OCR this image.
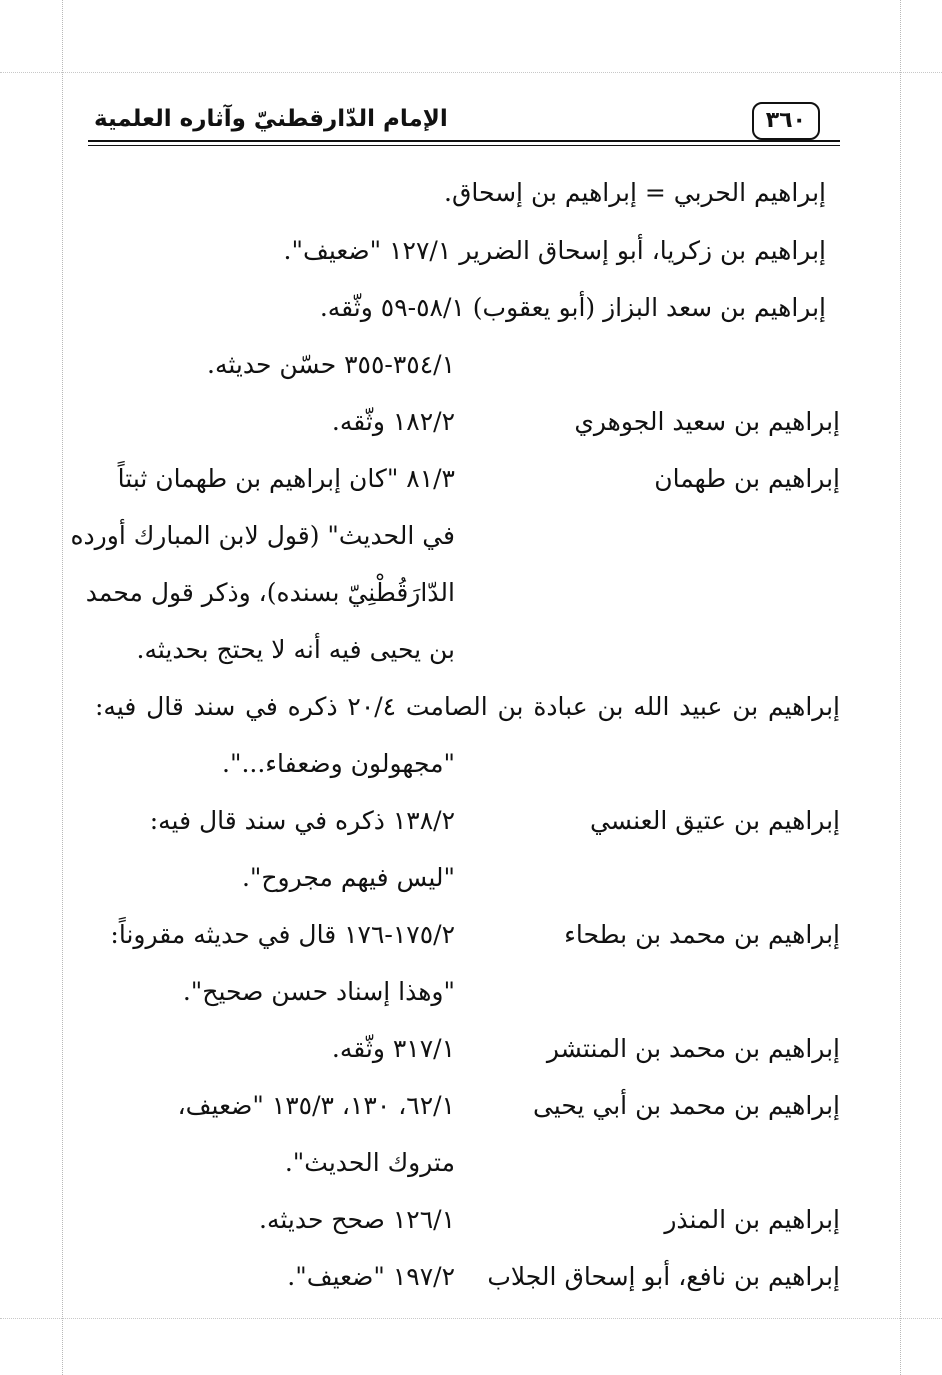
٣٦٠
الإمام الدّارقطنيّ وآثاره العلمية
إبراهيم الحربي = إبراهيم بن إسحاق.
إبراهيم بن زكريا، أبو إسحاق الضرير ١٢٧/١ "ضعيف".
إبراهيم بن سعد البزاز (أبو يعقوب) ٥٨/١-٥٩ وثّقه.
٣٥٤/١-٣٥٥ حسّن حديثه.
إبراهيم بن سعيد الجوهري
١٨٢/٢ وثّقه.
إبراهيم بن طهمان
٨١/٣ "كان إبراهيم بن طهمان ثبتاً
في الحديث" (قول لابن المبارك أورده
الدّارَقُطْنِيّ بسنده)، وذكر قول محمد
بن يحيى فيه أنه لا يحتج بحديثه.
إبراهيم بن عبيد الله بن عبادة بن الصامت ٢٠/٤ ذكره في سند قال فيه:
"مجهولون وضعفاء...".
إبراهيم بن عتيق العنسي
١٣٨/٢ ذكره في سند قال فيه:
"ليس فيهم مجروح".
إبراهيم بن محمد بن بطحاء
١٧٥/٢-١٧٦ قال في حديثه مقروناً:
"وهذا إسناد حسن صحيح".
إبراهيم بن محمد بن المنتشر
٣١٧/١ وثّقه.
إبراهيم بن محمد بن أبي يحيى
٦٢/١، ١٣٠، ١٣٥/٣ "ضعيف،
متروك الحديث".
إبراهيم بن المنذر
١٢٦/١ صحح حديثه.
إبراهيم بن نافع، أبو إسحاق الجلاب
١٩٧/٢ "ضعيف".
